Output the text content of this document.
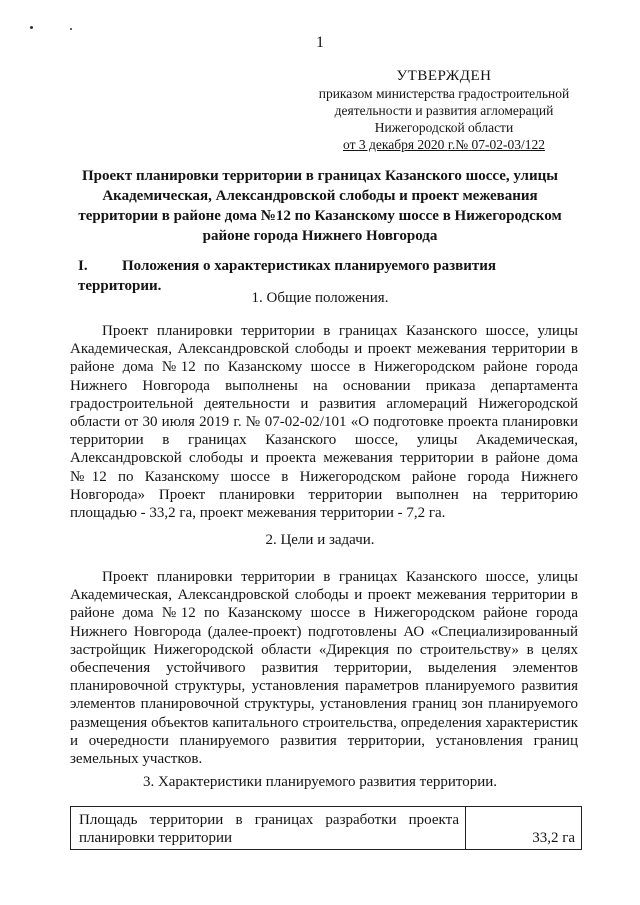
1
УТВЕРЖДЕН
приказом министерства градостроительной
деятельности и развития агломераций
Нижегородской области
от 3 декабря 2020 г.№ 07-02-03/122
Проект планировки территории в границах Казанского шоссе, улицы Академическая, Александровской слободы и проект межевания территории в районе дома №12 по Казанскому шоссе в Нижегородском районе города Нижнего Новгорода
I. Положения о характеристиках планируемого развития территории.
1. Общие положения.
Проект планировки территории в границах Казанского шоссе, улицы Академическая, Александровской слободы и проект межевания территории в районе дома №12 по Казанскому шоссе в Нижегородском районе города Нижнего Новгорода выполнены на основании приказа департамента градостроительной деятельности и развития агломераций Нижегородской области от 30 июля 2019 г. № 07-02-02/101 «О подготовке проекта планировки территории в границах Казанского шоссе, улицы Академическая, Александровской слободы и проекта межевания территории в районе дома №12 по Казанскому шоссе в Нижегородском районе города Нижнего Новгорода» Проект планировки территории выполнен на территорию площадью - 33,2 га, проект межевания территории - 7,2 га.
2. Цели и задачи.
Проект планировки территории в границах Казанского шоссе, улицы Академическая, Александровской слободы и проект межевания территории в районе дома №12 по Казанскому шоссе в Нижегородском районе города Нижнего Новгорода (далее-проект) подготовлены АО «Специализированный застройщик Нижегородской области «Дирекция по строительству» в целях обеспечения устойчивого развития территории, выделения элементов планировочной структуры, установления параметров планируемого развития элементов планировочной структуры, установления границ зон планируемого размещения объектов капитального строительства, определения характеристик и очередности планируемого развития территории, установления границ земельных участков.
3. Характеристики планируемого развития территории.
Площадь территории в границах разработки проекта планировки территории	33,2 га
